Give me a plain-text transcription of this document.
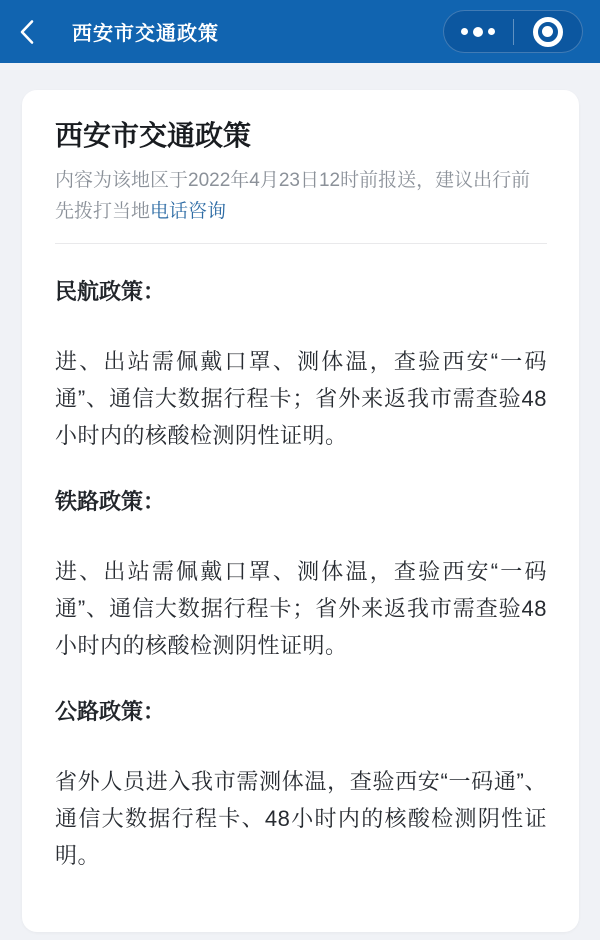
西安市交通政策
西安市交通政策

内容为该地区于2022年4月23日12时前报送，建议出行前先拨打当地电话咨询

民航政策：

进、出站需佩戴口罩、测体温，查验西安“一码通”、通信大数据行程卡；省外来返我市需查验48小时内的核酸检测阴性证明。

铁路政策：

进、出站需佩戴口罩、测体温，查验西安“一码通”、通信大数据行程卡；省外来返我市需查验48小时内的核酸检测阴性证明。

公路政策：

省外人员进入我市需测体温，查验西安“一码通”、通信大数据行程卡、48小时内的核酸检测阴性证明。
